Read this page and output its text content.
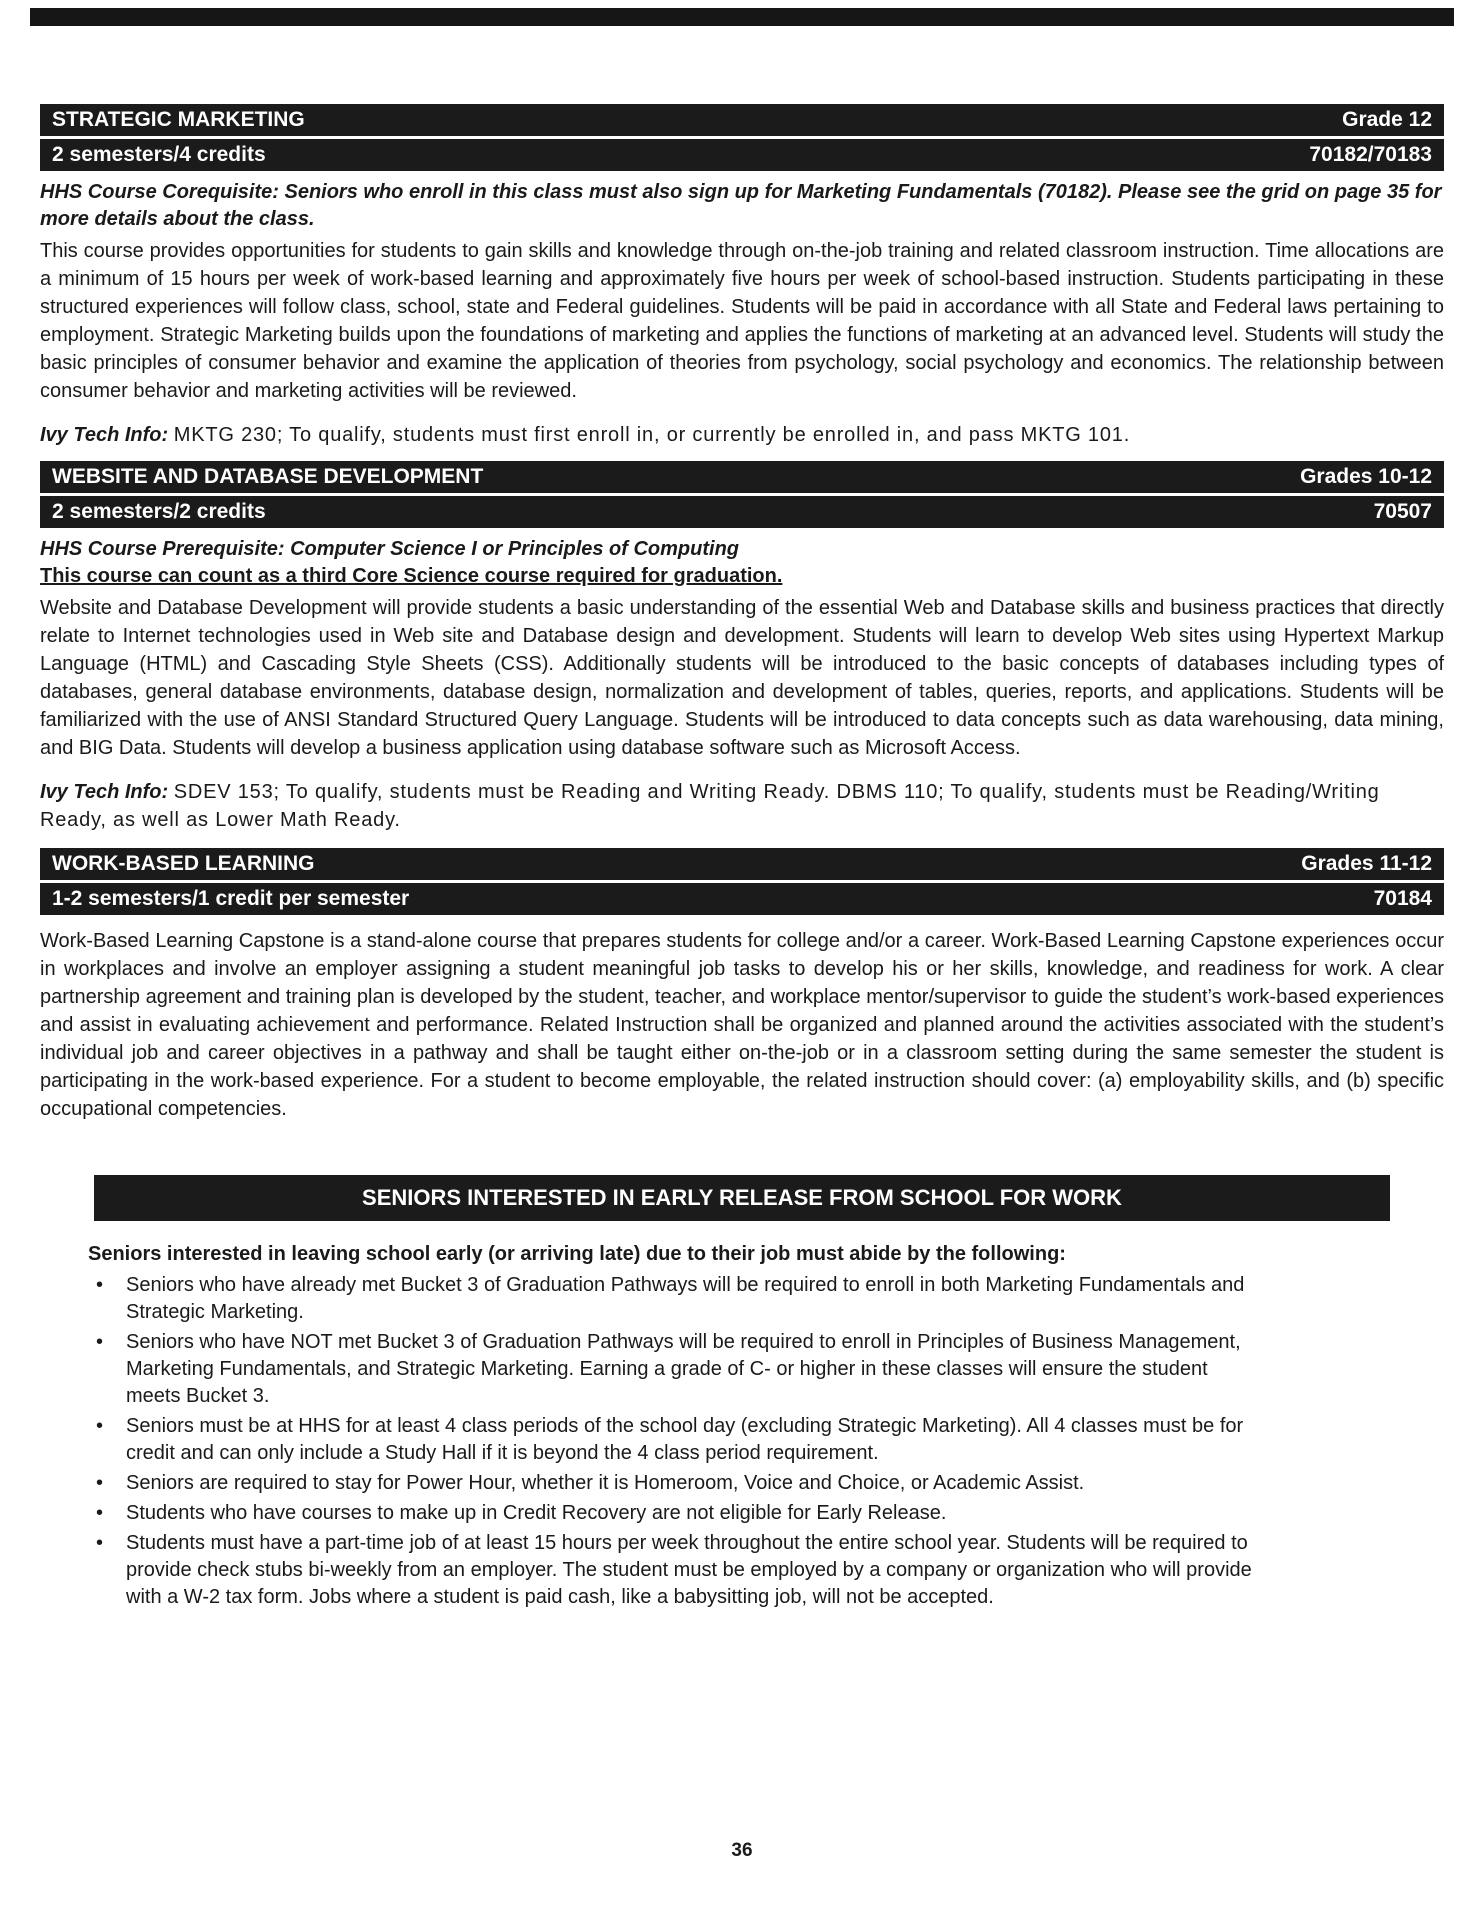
STRATEGIC MARKETING	Grade 12
2 semesters/4 credits	70182/70183

HHS Course Corequisite: Seniors who enroll in this class must also sign up for Marketing Fundamentals (70182). Please see the grid on page 35 for more details about the class.

This course provides opportunities for students to gain skills and knowledge through on-the-job training and related classroom instruction. Time allocations are a minimum of 15 hours per week of work-based learning and approximately five hours per week of school-based instruction. Students participating in these structured experiences will follow class, school, state and Federal guidelines. Students will be paid in accordance with all State and Federal laws pertaining to employment. Strategic Marketing builds upon the foundations of marketing and applies the functions of marketing at an advanced level. Students will study the basic principles of consumer behavior and examine the application of theories from psychology, social psychology and economics. The relationship between consumer behavior and marketing activities will be reviewed.

Ivy Tech Info: MKTG 230; To qualify, students must first enroll in, or currently be enrolled in, and pass MKTG 101.

WEBSITE AND DATABASE DEVELOPMENT	Grades 10-12
2 semesters/2 credits	70507

HHS Course Prerequisite: Computer Science I or Principles of Computing

This course can count as a third Core Science course required for graduation.

Website and Database Development will provide students a basic understanding of the essential Web and Database skills and business practices that directly relate to Internet technologies used in Web site and Database design and development. Students will learn to develop Web sites using Hypertext Markup Language (HTML) and Cascading Style Sheets (CSS). Additionally students will be introduced to the basic concepts of databases including types of databases, general database environments, database design, normalization and development of tables, queries, reports, and applications. Students will be familiarized with the use of ANSI Standard Structured Query Language. Students will be introduced to data concepts such as data warehousing, data mining, and BIG Data. Students will develop a business application using database software such as Microsoft Access.

Ivy Tech Info: SDEV 153; To qualify, students must be Reading and Writing Ready. DBMS 110; To qualify, students must be Reading/Writing Ready, as well as Lower Math Ready.

WORK-BASED LEARNING	Grades 11-12
1-2 semesters/1 credit per semester	70184

Work-Based Learning Capstone is a stand-alone course that prepares students for college and/or a career. Work-Based Learning Capstone experiences occur in workplaces and involve an employer assigning a student meaningful job tasks to develop his or her skills, knowledge, and readiness for work. A clear partnership agreement and training plan is developed by the student, teacher, and workplace mentor/supervisor to guide the student’s work-based experiences and assist in evaluating achievement and performance. Related Instruction shall be organized and planned around the activities associated with the student’s individual job and career objectives in a pathway and shall be taught either on-the-job or in a classroom setting during the same semester the student is participating in the work-based experience. For a student to become employable, the related instruction should cover: (a) employability skills, and (b) specific occupational competencies.

SENIORS INTERESTED IN EARLY RELEASE FROM SCHOOL FOR WORK

Seniors interested in leaving school early (or arriving late) due to their job must abide by the following:

• Seniors who have already met Bucket 3 of Graduation Pathways will be required to enroll in both Marketing Fundamentals and Strategic Marketing.
• Seniors who have NOT met Bucket 3 of Graduation Pathways will be required to enroll in Principles of Business Management, Marketing Fundamentals, and Strategic Marketing. Earning a grade of C- or higher in these classes will ensure the student meets Bucket 3.
• Seniors must be at HHS for at least 4 class periods of the school day (excluding Strategic Marketing). All 4 classes must be for credit and can only include a Study Hall if it is beyond the 4 class period requirement.
• Seniors are required to stay for Power Hour, whether it is Homeroom, Voice and Choice, or Academic Assist.
• Students who have courses to make up in Credit Recovery are not eligible for Early Release.
• Students must have a part-time job of at least 15 hours per week throughout the entire school year. Students will be required to provide check stubs bi-weekly from an employer. The student must be employed by a company or organization who will provide with a W-2 tax form. Jobs where a student is paid cash, like a babysitting job, will not be accepted.
36
